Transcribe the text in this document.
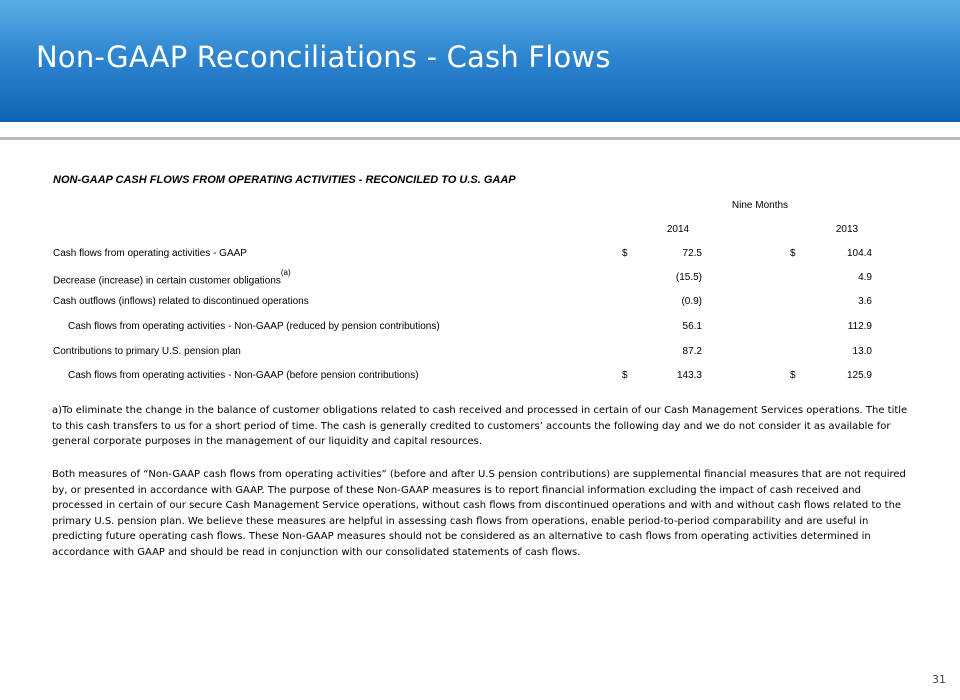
Non-GAAP Reconciliations - Cash Flows
NON-GAAP CASH FLOWS FROM OPERATING ACTIVITIES - RECONCILED TO U.S. GAAP
Nine Months
2014	2013
Cash flows from operating activities - GAAP	$	72.5	$	104.4
Decrease (increase) in certain customer obligations$^{(a)}$	(15.5)	4.9
Cash outflows (inflows) related to discontinued operations	(0.9)	3.6
Cash flows from operating activities - Non-GAAP (reduced by pension contributions)	56.1	112.9
Contributions to primary U.S. pension plan	87.2	13.0
Cash flows from operating activities - Non-GAAP (before pension contributions)	$	143.3	$	125.9

a)To eliminate the change in the balance of customer obligations related to cash received and processed in certain of our Cash Management Services operations. The title to this cash transfers to us for a short period of time. The cash is generally credited to customers’ accounts the following day and we do not consider it as available for general corporate purposes in the management of our liquidity and capital resources.

Both measures of “Non-GAAP cash flows from operating activities” (before and after U.S pension contributions) are supplemental financial measures that are not required by, or presented in accordance with GAAP. The purpose of these Non-GAAP measures is to report financial information excluding the impact of cash received and processed in certain of our secure Cash Management Service operations, without cash flows from discontinued operations and with and without cash flows related to the primary U.S. pension plan. We believe these measures are helpful in assessing cash flows from operations, enable period-to-period comparability and are useful in predicting future operating cash flows. These Non-GAAP measures should not be considered as an alternative to cash flows from operating activities determined in accordance with GAAP and should be read in conjunction with our consolidated statements of cash flows.

31
